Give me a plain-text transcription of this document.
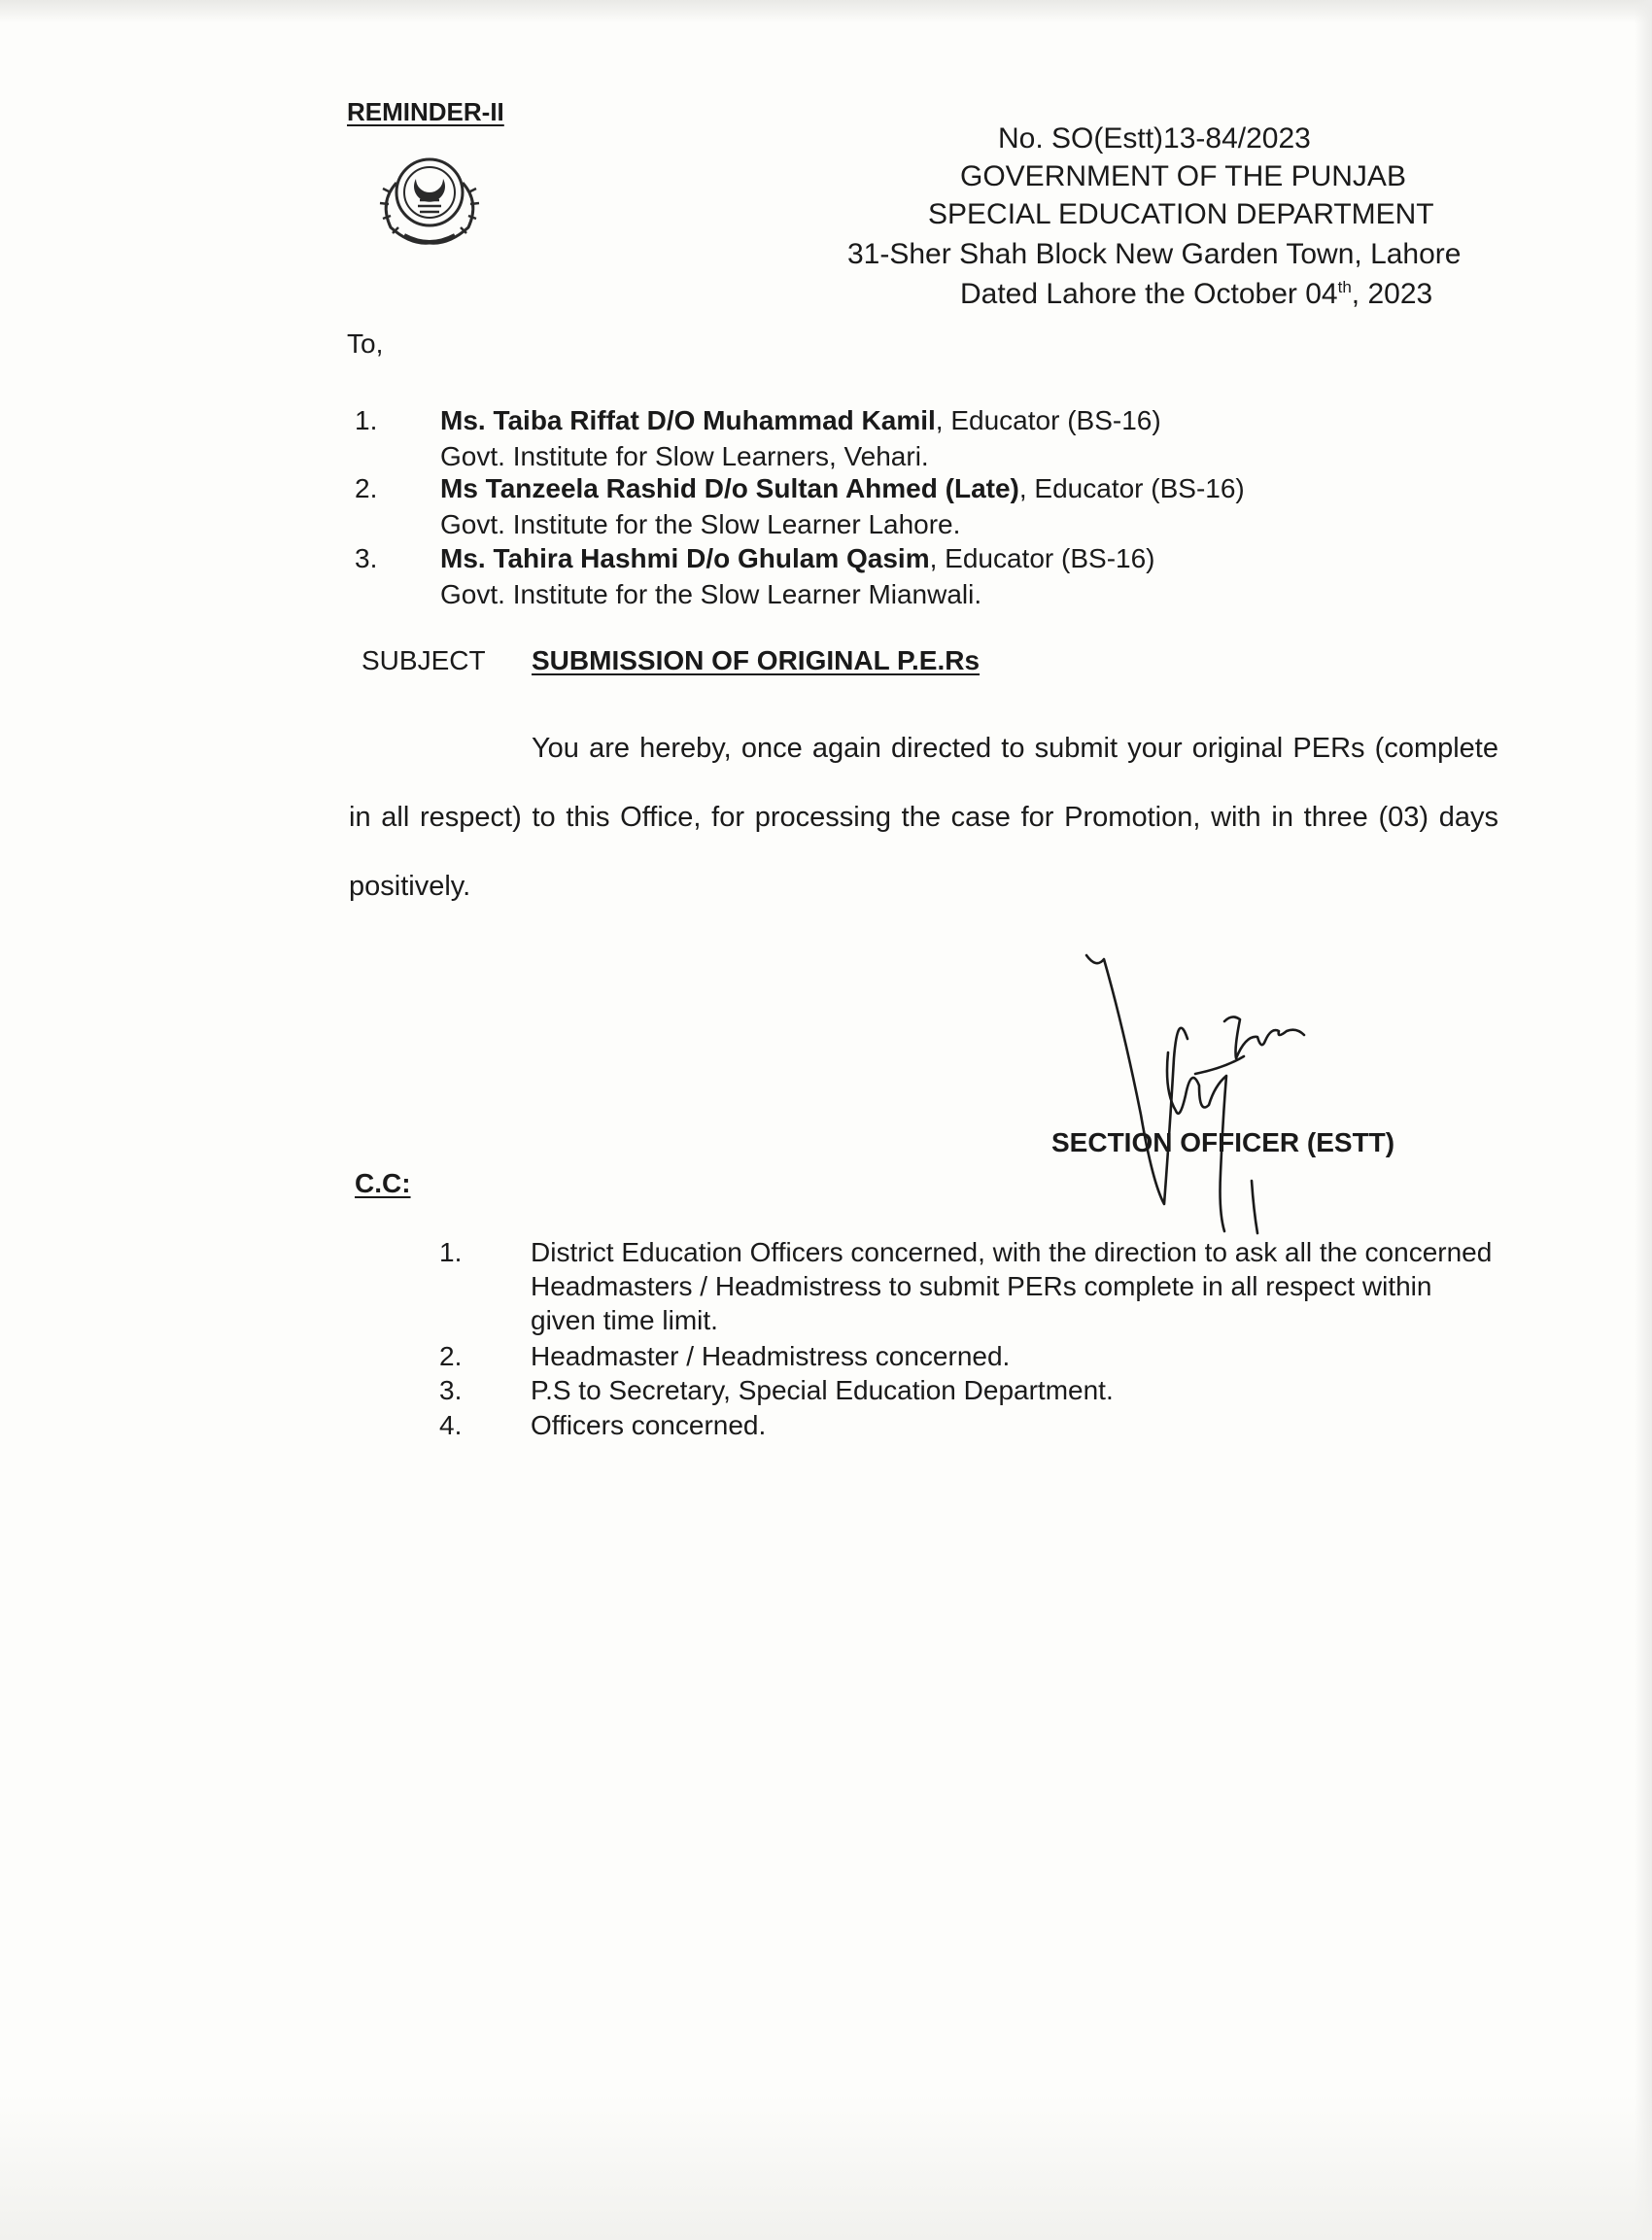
REMINDER-II
No. SO(Estt)13-84/2023
GOVERNMENT OF THE PUNJAB
SPECIAL EDUCATION DEPARTMENT
31-Sher Shah Block New Garden Town, Lahore
Dated Lahore the October 04th, 2023
To,
1. Ms. Taiba Riffat D/O Muhammad Kamil, Educator (BS-16)
Govt. Institute for Slow Learners, Vehari.
2. Ms Tanzeela Rashid D/o Sultan Ahmed (Late), Educator (BS-16)
Govt. Institute for the Slow Learner Lahore.
3. Ms. Tahira Hashmi D/o Ghulam Qasim, Educator (BS-16)
Govt. Institute for the Slow Learner Mianwali.
SUBJECT SUBMISSION OF ORIGINAL P.E.Rs
You are hereby, once again directed to submit your original PERs (complete in all respect) to this Office, for processing the case for Promotion, with in three (03) days positively.
SECTION OFFICER (ESTT)
C.C:
1.	District Education Officers concerned, with the direction to ask all the concerned Headmasters / Headmistress to submit PERs complete in all respect within given time limit.
2.	Headmaster / Headmistress concerned.
3.	P.S to Secretary, Special Education Department.
4.	Officers concerned.
